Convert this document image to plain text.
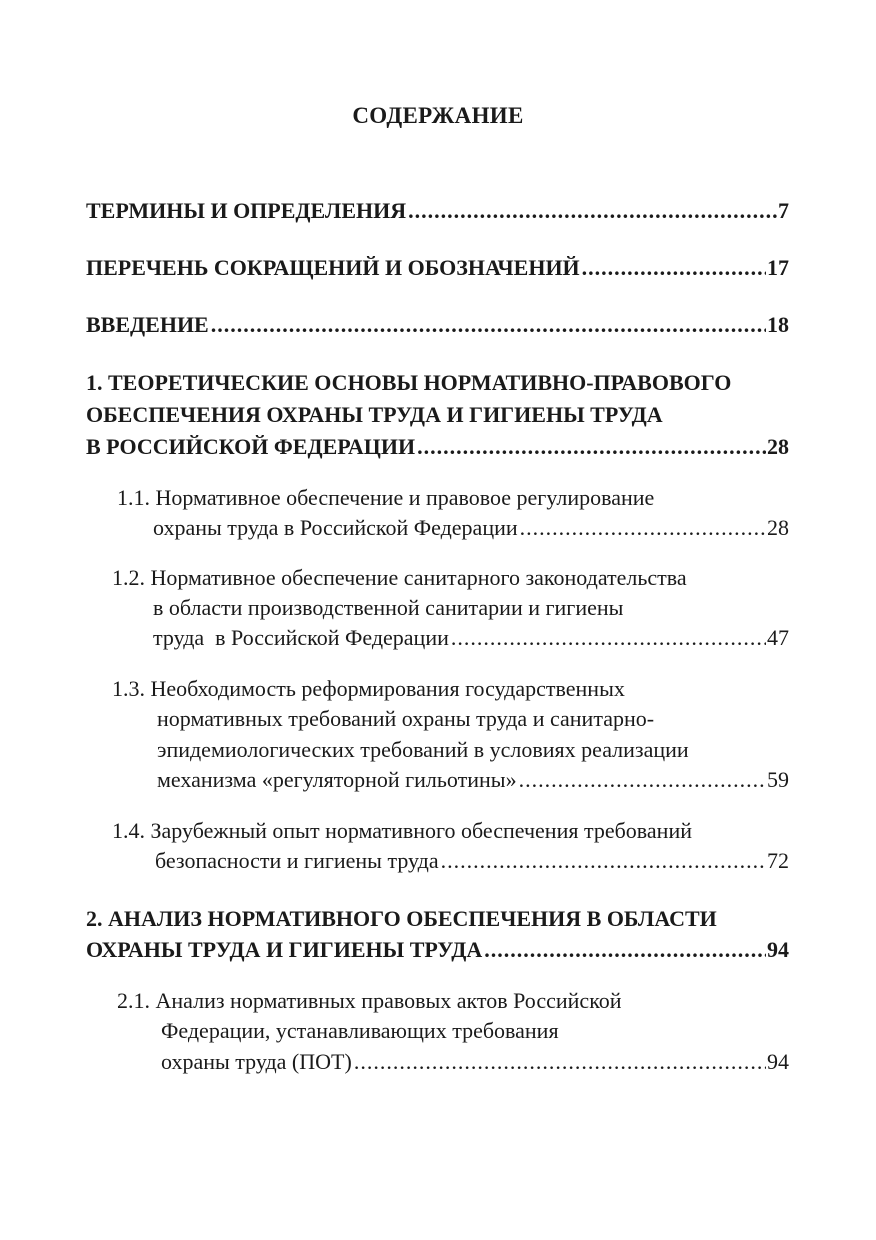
СОДЕРЖАНИЕ
ТЕРМИНЫ И ОПРЕДЕЛЕНИЯ .....	7
ПЕРЕЧЕНЬ СОКРАЩЕНИЙ И ОБОЗНАЧЕНИЙ .....	17
ВВЕДЕНИЕ .....	18
1. ТЕОРЕТИЧЕСКИЕ ОСНОВЫ НОРМАТИВНО-ПРАВОВОГО
ОБЕСПЕЧЕНИЯ ОХРАНЫ ТРУДА И ГИГИЕНЫ ТРУДА
В РОССИЙСКОЙ ФЕДЕРАЦИИ .....	28
1.1. Нормативное обеспечение и правовое регулирование
охраны труда в Российской Федерации .....	28
1.2. Нормативное обеспечение санитарного законодательства
в области производственной санитарии и гигиены
труда  в Российской Федерации .....	47
1.3. Необходимость реформирования государственных
нормативных требований охраны труда и санитарно-
эпидемиологических требований в условиях реализации
механизма «регуляторной гильотины» .....	59
1.4. Зарубежный опыт нормативного обеспечения требований
безопасности и гигиены труда .....	72
2. АНАЛИЗ НОРМАТИВНОГО ОБЕСПЕЧЕНИЯ В ОБЛАСТИ
ОХРАНЫ ТРУДА И ГИГИЕНЫ ТРУДА .....	94
2.1. Анализ нормативных правовых актов Российской
Федерации, устанавливающих требования
охраны труда (ПОТ) .....	94
